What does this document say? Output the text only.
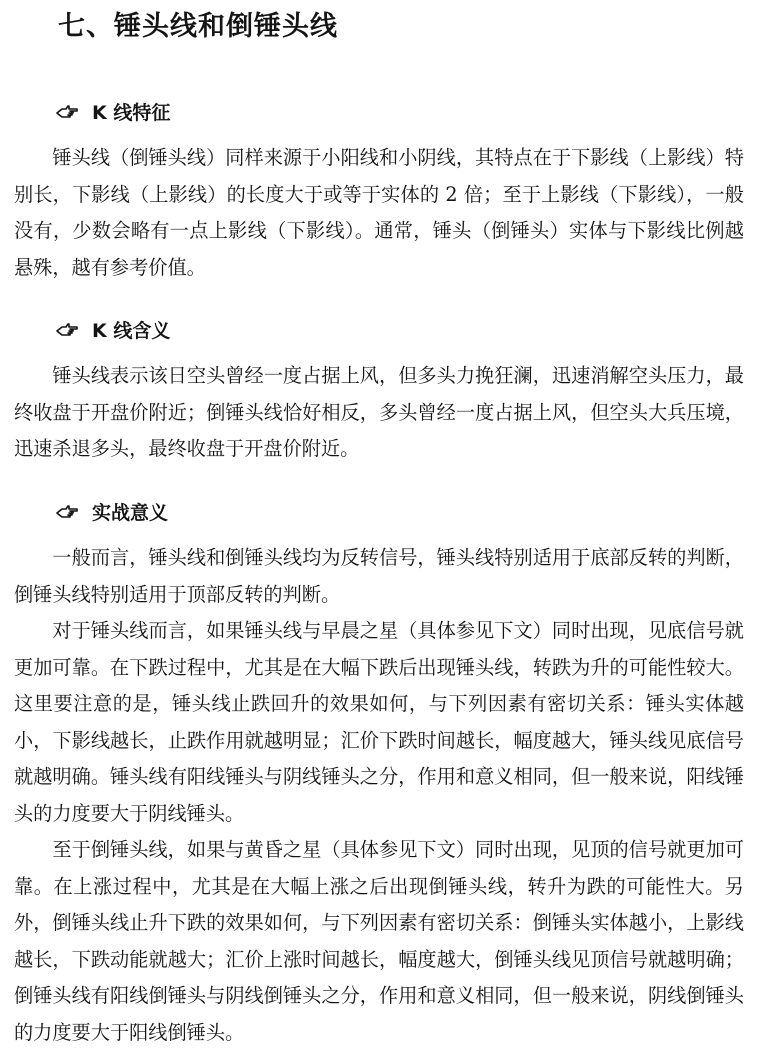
七、锤头线和倒锤头线
K 线特征

锤头线（倒锤头线）同样来源于小阳线和小阴线，其特点在于下影线（上影线）特别长，下影线（上影线）的长度大于或等于实体的 2 倍；至于上影线（下影线），一般没有，少数会略有一点上影线（下影线）。通常，锤头（倒锤头）实体与下影线比例越悬殊，越有参考价值。

K 线含义

锤头线表示该日空头曾经一度占据上风，但多头力挽狂澜，迅速消解空头压力，最终收盘于开盘价附近；倒锤头线恰好相反，多头曾经一度占据上风，但空头大兵压境，迅速杀退多头，最终收盘于开盘价附近。

实战意义

一般而言，锤头线和倒锤头线均为反转信号，锤头线特别适用于底部反转的判断，倒锤头线特别适用于顶部反转的判断。

对于锤头线而言，如果锤头线与早晨之星（具体参见下文）同时出现，见底信号就更加可靠。在下跌过程中，尤其是在大幅下跌后出现锤头线，转跌为升的可能性较大。这里要注意的是，锤头线止跌回升的效果如何，与下列因素有密切关系：锤头实体越小，下影线越长，止跌作用就越明显；汇价下跌时间越长，幅度越大，锤头线见底信号就越明确。锤头线有阳线锤头与阴线锤头之分，作用和意义相同，但一般来说，阳线锤头的力度要大于阴线锤头。

至于倒锤头线，如果与黄昏之星（具体参见下文）同时出现，见顶的信号就更加可靠。在上涨过程中，尤其是在大幅上涨之后出现倒锤头线，转升为跌的可能性大。另外，倒锤头线止升下跌的效果如何，与下列因素有密切关系：倒锤头实体越小，上影线越长，下跌动能就越大；汇价上涨时间越长，幅度越大，倒锤头线见顶信号就越明确；倒锤头线有阳线倒锤头与阴线倒锤头之分，作用和意义相同，但一般来说，阴线倒锤头的力度要大于阳线倒锤头。
